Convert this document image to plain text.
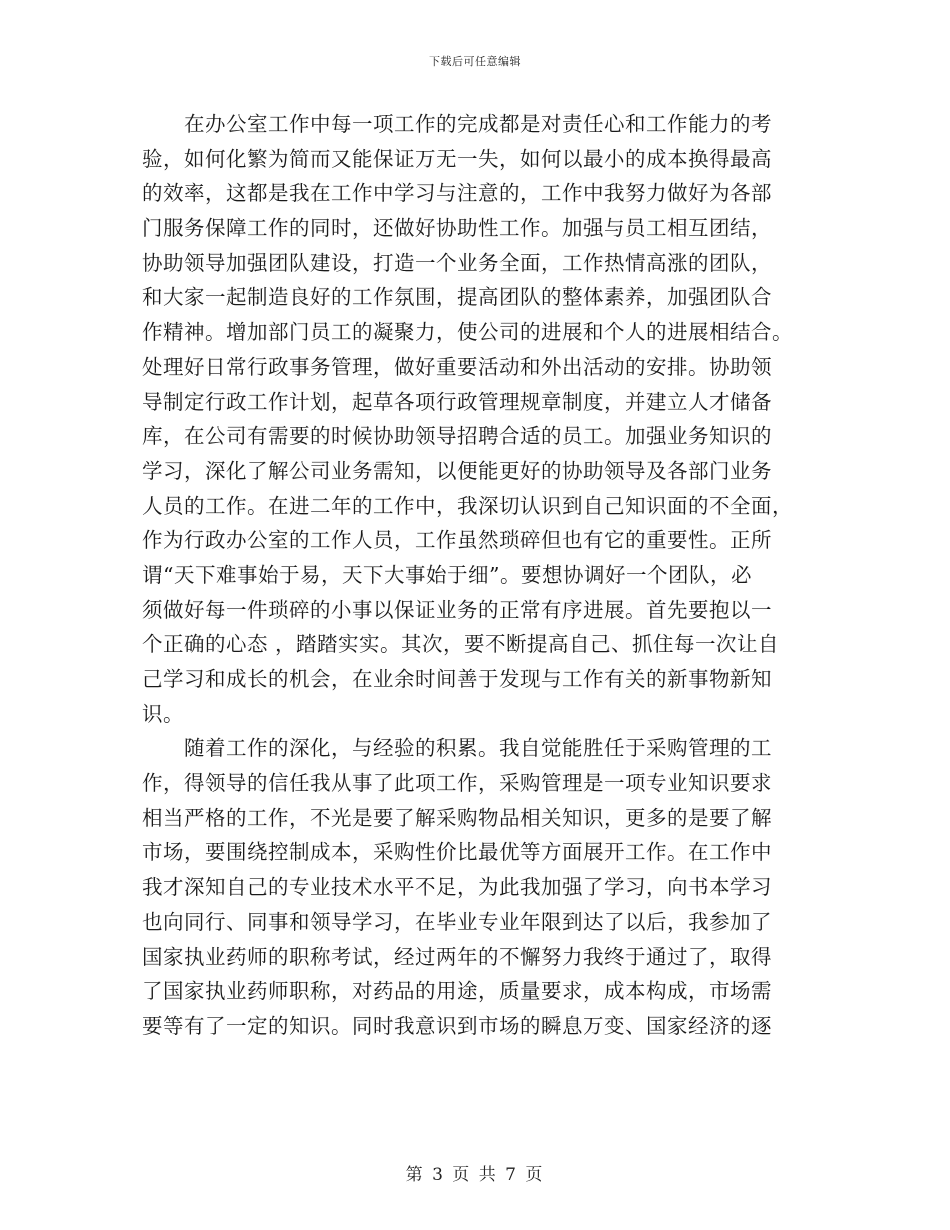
下载后可任意编辑
在办公室工作中每一项工作的完成都是对责任心和工作能力的考
验，如何化繁为简而又能保证万无一失，如何以最小的成本换得最高
的效率，这都是我在工作中学习与注意的，工作中我努力做好为各部
门服务保障工作的同时，还做好协助性工作。加强与员工相互团结，
协助领导加强团队建设，打造一个业务全面，工作热情高涨的团队，
和大家一起制造良好的工作氛围，提高团队的整体素养，加强团队合
作精神。增加部门员工的凝聚力，使公司的进展和个人的进展相结合。
处理好日常行政事务管理，做好重要活动和外出活动的安排。协助领
导制定行政工作计划，起草各项行政管理规章制度，并建立人才储备
库，在公司有需要的时候协助领导招聘合适的员工。加强业务知识的
学习，深化了解公司业务需知，以便能更好的协助领导及各部门业务
人员的工作。在进二年的工作中，我深切认识到自己知识面的不全面，
作为行政办公室的工作人员，工作虽然琐碎但也有它的重要性。正所
谓“天下难事始于易，天下大事始于细”。要想协调好一个团队，必
须做好每一件琐碎的小事以保证业务的正常有序进展。首先要抱以一
个正确的心态 ，踏踏实实。其次，要不断提高自己、抓住每一次让自
己学习和成长的机会，在业余时间善于发现与工作有关的新事物新知
识。
随着工作的深化，与经验的积累。我自觉能胜任于采购管理的工
作，得领导的信任我从事了此项工作，采购管理是一项专业知识要求
相当严格的工作，不光是要了解采购物品相关知识，更多的是要了解
市场，要围绕控制成本，采购性价比最优等方面展开工作。在工作中
我才深知自己的专业技术水平不足，为此我加强了学习，向书本学习
也向同行、同事和领导学习，在毕业专业年限到达了以后，我参加了
国家执业药师的职称考试，经过两年的不懈努力我终于通过了，取得
了国家执业药师职称，对药品的用途，质量要求，成本构成，市场需
要等有了一定的知识。同时我意识到市场的瞬息万变、国家经济的逐
第 3 页 共 7 页
